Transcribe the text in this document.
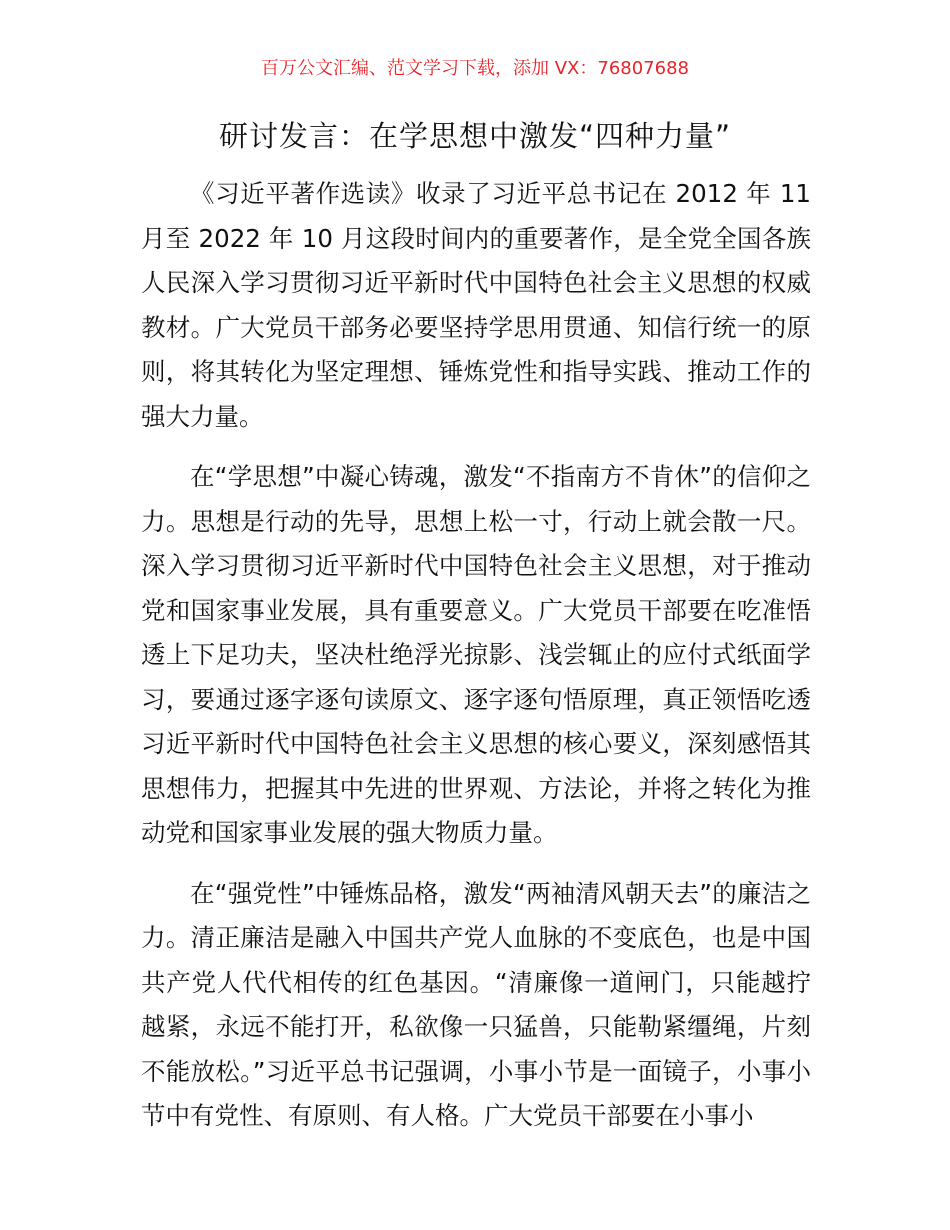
百万公文汇编、范文学习下载，添加 VX：76807688
研讨发言：在学思想中激发“四种力量”

《习近平著作选读》收录了习近平总书记在 2012 年 11 月至 2022 年 10 月这段时间内的重要著作，是全党全国各族人民深入学习贯彻习近平新时代中国特色社会主义思想的权威教材。广大党员干部务必要坚持学思用贯通、知信行统一的原则，将其转化为坚定理想、锤炼党性和指导实践、推动工作的强大力量。

在“学思想”中凝心铸魂，激发“不指南方不肯休”的信仰之力。思想是行动的先导，思想上松一寸，行动上就会散一尺。深入学习贯彻习近平新时代中国特色社会主义思想，对于推动党和国家事业发展，具有重要意义。广大党员干部要在吃准悟透上下足功夫，坚决杜绝浮光掠影、浅尝辄止的应付式纸面学习，要通过逐字逐句读原文、逐字逐句悟原理，真正领悟吃透习近平新时代中国特色社会主义思想的核心要义，深刻感悟其思想伟力，把握其中先进的世界观、方法论，并将之转化为推动党和国家事业发展的强大物质力量。

在“强党性”中锤炼品格，激发“两袖清风朝天去”的廉洁之力。清正廉洁是融入中国共产党人血脉的不变底色，也是中国共产党人代代相传的红色基因。“清廉像一道闸门，只能越拧越紧，永远不能打开，私欲像一只猛兽，只能勒紧缰绳，片刻不能放松。”习近平总书记强调，小事小节是一面镜子，小事小节中有党性、有原则、有人格。广大党员干部要在小事小
